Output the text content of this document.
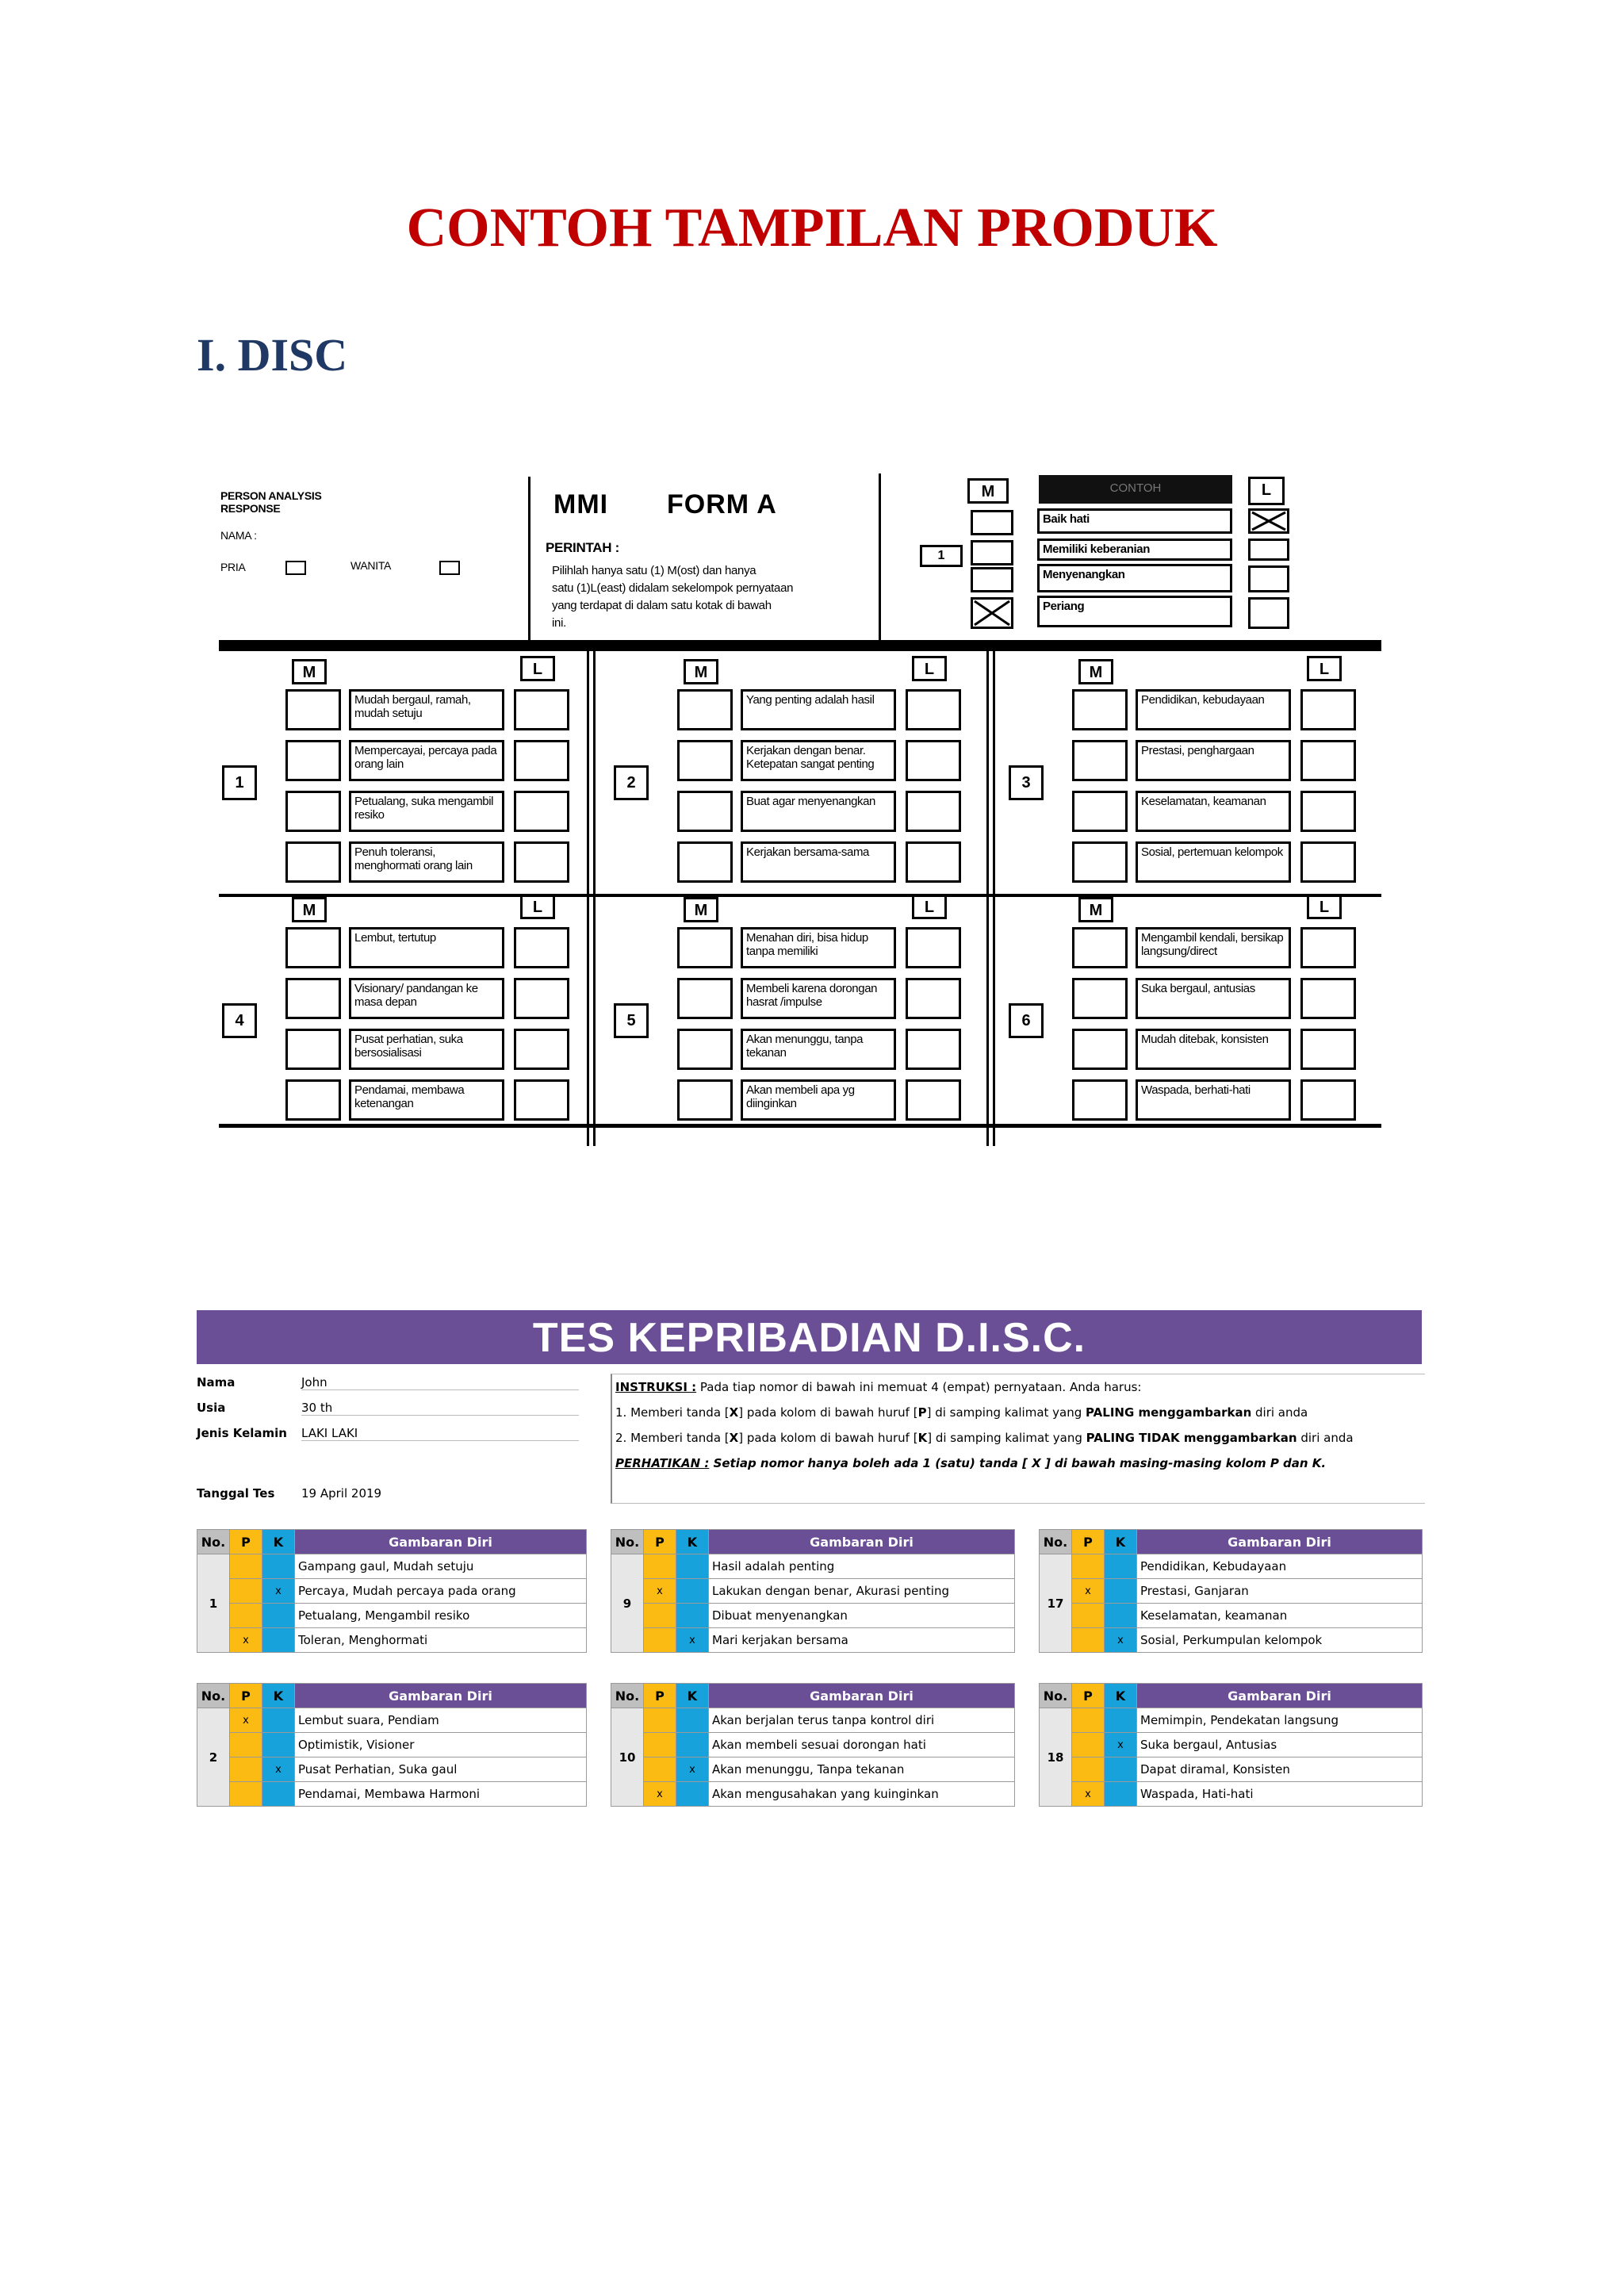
CONTOH TAMPILAN PRODUK
I. DISC
PERSON ANALYSIS
RESPONSE
NAMA :
PRIA	WANITA
MMI FORM A
PERINTAH :
Pilihlah hanya satu (1) M(ost) dan hanya
satu (1)L(east) didalam sekelompok pernyataan
yang terdapat di dalam satu kotak di bawah
ini.
M	CONTOH	L
1
Baik hati
Memiliki keberanian
Menyenangkan
Periang
M	L
1
Mudah bergaul, ramah, mudah setuju
Mempercayai, percaya pada orang lain
Petualang, suka mengambil resiko
Penuh toleransi, menghormati orang lain
M	L
2
Yang penting adalah hasil
Kerjakan dengan benar. Ketepatan sangat penting
Buat agar menyenangkan
Kerjakan bersama-sama
M	L
3
Pendidikan, kebudayaan
Prestasi, penghargaan
Keselamatan, keamanan
Sosial, pertemuan kelompok
M	L
4
Lembut, tertutup
Visionary/ pandangan ke masa depan
Pusat perhatian, suka bersosialisasi
Pendamai, membawa ketenangan
M	L
5
Menahan diri, bisa hidup tanpa memiliki
Membeli karena dorongan hasrat /impulse
Akan menunggu, tanpa tekanan
Akan membeli apa yg diinginkan
M	L
6
Mengambil kendali, bersikap langsung/direct
Suka bergaul, antusias
Mudah ditebak, konsisten
Waspada, berhati-hati
TES KEPRIBADIAN D.I.S.C.
Nama	John
Usia	30 th
Jenis Kelamin LAKI LAKI
Tanggal Tes 19 April 2019
INSTRUKSI : Pada tiap nomor di bawah ini memuat 4 (empat) pernyataan. Anda harus:
1. Memberi tanda [X] pada kolom di bawah huruf [P] di samping kalimat yang PALING menggambarkan diri anda
2. Memberi tanda [X] pada kolom di bawah huruf [K] di samping kalimat yang PALING TIDAK menggambarkan diri anda
PERHATIKAN : Setiap nomor hanya boleh ada 1 (satu) tanda [ X ] di bawah masing-masing kolom P dan K.
No.	P	K	Gambaran Diri
1			Gampang gaul, Mudah setuju
		x	Percaya, Mudah percaya pada orang
			Petualang, Mengambil resiko
	x		Toleran, Menghormati
No.	P	K	Gambaran Diri
9			Hasil adalah penting
	x		Lakukan dengan benar, Akurasi penting
			Dibuat menyenangkan
		x	Mari kerjakan bersama
No.	P	K	Gambaran Diri
17			Pendidikan, Kebudayaan
	x		Prestasi, Ganjaran
			Keselamatan, keamanan
		x	Sosial, Perkumpulan kelompok
No.	P	K	Gambaran Diri
2	x		Lembut suara, Pendiam
			Optimistik, Visioner
		x	Pusat Perhatian, Suka gaul
			Pendamai, Membawa Harmoni
No.	P	K	Gambaran Diri
10			Akan berjalan terus tanpa kontrol diri
			Akan membeli sesuai dorongan hati
		x	Akan menunggu, Tanpa tekanan
	x		Akan mengusahakan yang kuinginkan
No.	P	K	Gambaran Diri
18			Memimpin, Pendekatan langsung
		x	Suka bergaul, Antusias
			Dapat diramal, Konsisten
	x		Waspada, Hati-hati
